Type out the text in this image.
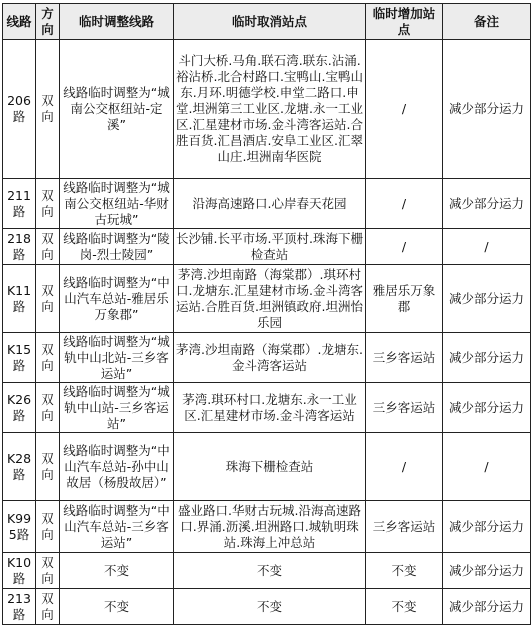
线路	方向	临时调整线路	临时取消站点	临时增加站点	备注
206路	双向	线路临时调整为“城南公交枢纽站-定溪”	斗门大桥.马角.联石湾.联东.沾涌.裕沾桥.北合村路口.宝鸭山.宝鸭山东.月环.明德学校.申堂二路口.申堂.坦洲第三工业区.龙塘.永一工业区.汇星建材市场.金斗湾客运站.合胜百货.汇昌酒店.安阜工业区.汇翠山庄.坦洲南华医院	/	减少部分运力
211路	双向	线路临时调整为“城南公交枢纽站-华财古玩城”	沿海高速路口.心岸春天花园	/	减少部分运力
218路	双向	线路临时调整为“陵岗-烈士陵园”	长沙铺.长平市场.平顶村.珠海下栅检查站	/	/
K11路	双向	线路临时调整为“中山汽车总站-雅居乐万象郡”	茅湾.沙坦南路（海棠郡）.琪环村口.龙塘东.汇星建材市场.金斗湾客运站.合胜百货.坦洲镇政府.坦洲怡乐园	雅居乐万象郡	减少部分运力
K15路	双向	线路临时调整为“城轨中山北站-三乡客运站”	茅湾.沙坦南路（海棠郡）.龙塘东.金斗湾客运站	三乡客运站	减少部分运力
K26路	双向	线路临时调整为“城轨中山站-三乡客运站”	茅湾.琪环村口.龙塘东.永一工业区.汇星建材市场.金斗湾客运站	三乡客运站	减少部分运力
K28路	双向	线路临时调整为“中山汽车总站-孙中山故居（杨殷故居）”	珠海下栅检查站	/	/
K995路	双向	线路临时调整为“中山汽车总站-三乡客运站”	盛业路口.华财古玩城.沿海高速路口.界涌.沥溪.坦洲路口.城轨明珠站.珠海上冲总站	三乡客运站	减少部分运力
K10路	双向	不变	不变	不变	减少部分运力
213路	双向	不变	不变	不变	减少部分运力
